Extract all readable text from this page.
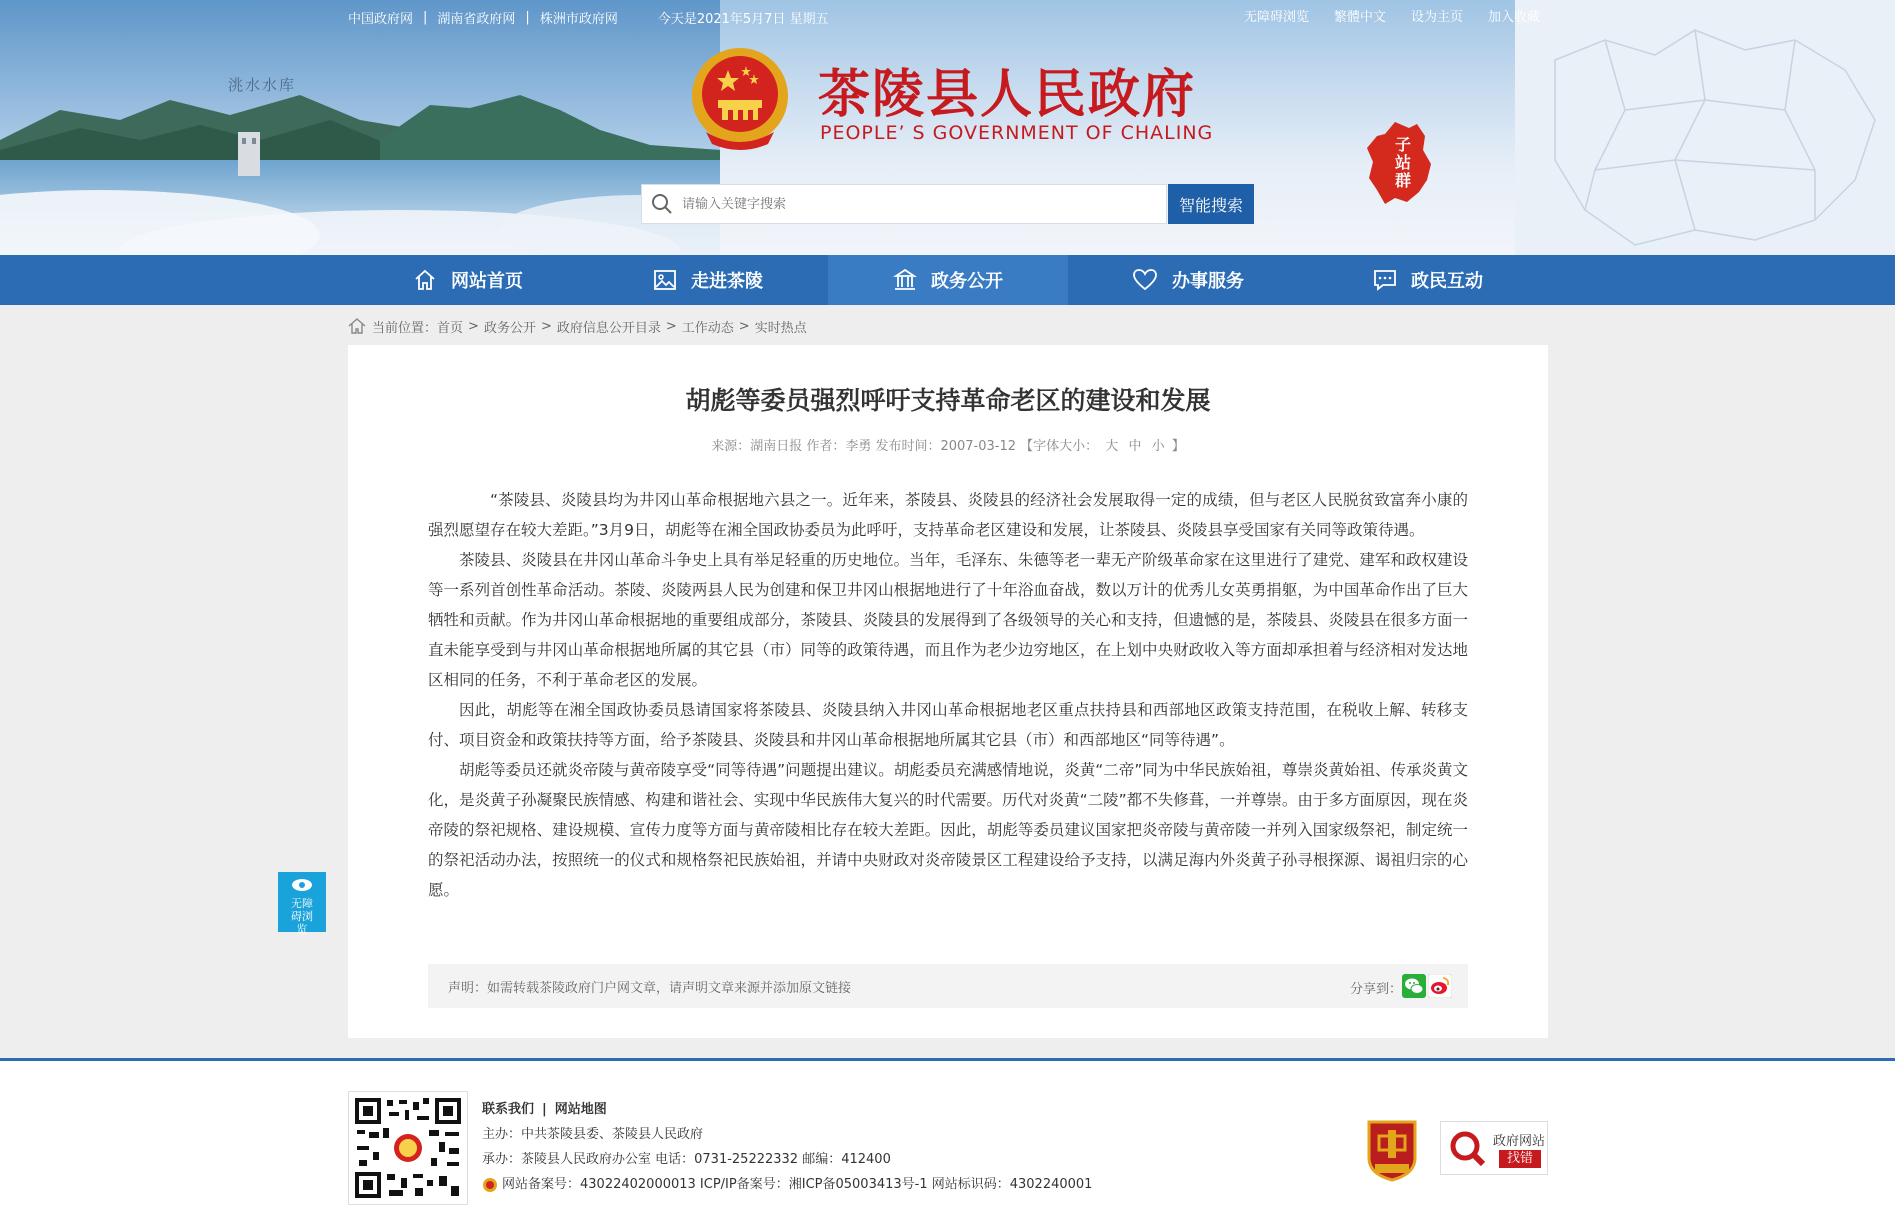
洮水水库
中国政府网 | 湖南省政府网 | 株洲市政府网	今天是2021年5月7日 星期五	无障碍浏览 繁體中文 设为主页 加入收藏
茶陵县人民政府
PEOPLE’ S GOVERNMENT OF CHALING
子站群
请输入关键字搜索
智能搜索
网站首页	走进茶陵	政务公开	办事服务	政民互动
当前位置： 首页 > 政务公开 > 政府信息公开目录 > 工作动态 > 实时热点
胡彪等委员强烈呼吁支持革命老区的建设和发展
来源：湖南日报 作者：李勇 发布时间：2007-03-12 【字体大小： 大 中 小 】

“茶陵县、炎陵县均为井冈山革命根据地六县之一。近年来，茶陵县、炎陵县的经济社会发展取得一定的成绩，但与老区人民脱贫致富奔小康的强烈愿望存在较大差距。”3月9日，胡彪等在湘全国政协委员为此呼吁，支持革命老区建设和发展，让茶陵县、炎陵县享受国家有关同等政策待遇。

茶陵县、炎陵县在井冈山革命斗争史上具有举足轻重的历史地位。当年，毛泽东、朱德等老一辈无产阶级革命家在这里进行了建党、建军和政权建设等一系列首创性革命活动。茶陵、炎陵两县人民为创建和保卫井冈山根据地进行了十年浴血奋战，数以万计的优秀儿女英勇捐躯，为中国革命作出了巨大牺牲和贡献。作为井冈山革命根据地的重要组成部分，茶陵县、炎陵县的发展得到了各级领导的关心和支持，但遗憾的是，茶陵县、炎陵县在很多方面一直未能享受到与井冈山革命根据地所属的其它县（市）同等的政策待遇，而且作为老少边穷地区，在上划中央财政收入等方面却承担着与经济相对发达地区相同的任务，不利于革命老区的发展。

因此，胡彪等在湘全国政协委员恳请国家将茶陵县、炎陵县纳入井冈山革命根据地老区重点扶持县和西部地区政策支持范围，在税收上解、转移支付、项目资金和政策扶持等方面，给予茶陵县、炎陵县和井冈山革命根据地所属其它县（市）和西部地区“同等待遇”。

胡彪等委员还就炎帝陵与黄帝陵享受“同等待遇”问题提出建议。胡彪委员充满感情地说，炎黄“二帝”同为中华民族始祖，尊崇炎黄始祖、传承炎黄文化，是炎黄子孙凝聚民族情感、构建和谐社会、实现中华民族伟大复兴的时代需要。历代对炎黄“二陵”都不失修葺，一并尊崇。由于多方面原因，现在炎帝陵的祭祀规格、建设规模、宣传力度等方面与黄帝陵相比存在较大差距。因此，胡彪等委员建议国家把炎帝陵与黄帝陵一并列入国家级祭祀，制定统一的祭祀活动办法，按照统一的仪式和规格祭祀民族始祖，并请中央财政对炎帝陵景区工程建设给予支持，以满足海内外炎黄子孙寻根探源、谒祖归宗的心愿。

声明：如需转载茶陵政府门户网文章，请声明文章来源并添加原文链接	分享到：
无障碍浏览
联系我们 | 网站地图
主办：中共茶陵县委、茶陵县人民政府
承办：茶陵县人民政府办公室 电话：0731-25222332 邮编：412400
网站备案号：43022402000013 ICP/IP备案号：湘ICP备05003413号-1 网站标识码：4302240001
政府网站
找错
